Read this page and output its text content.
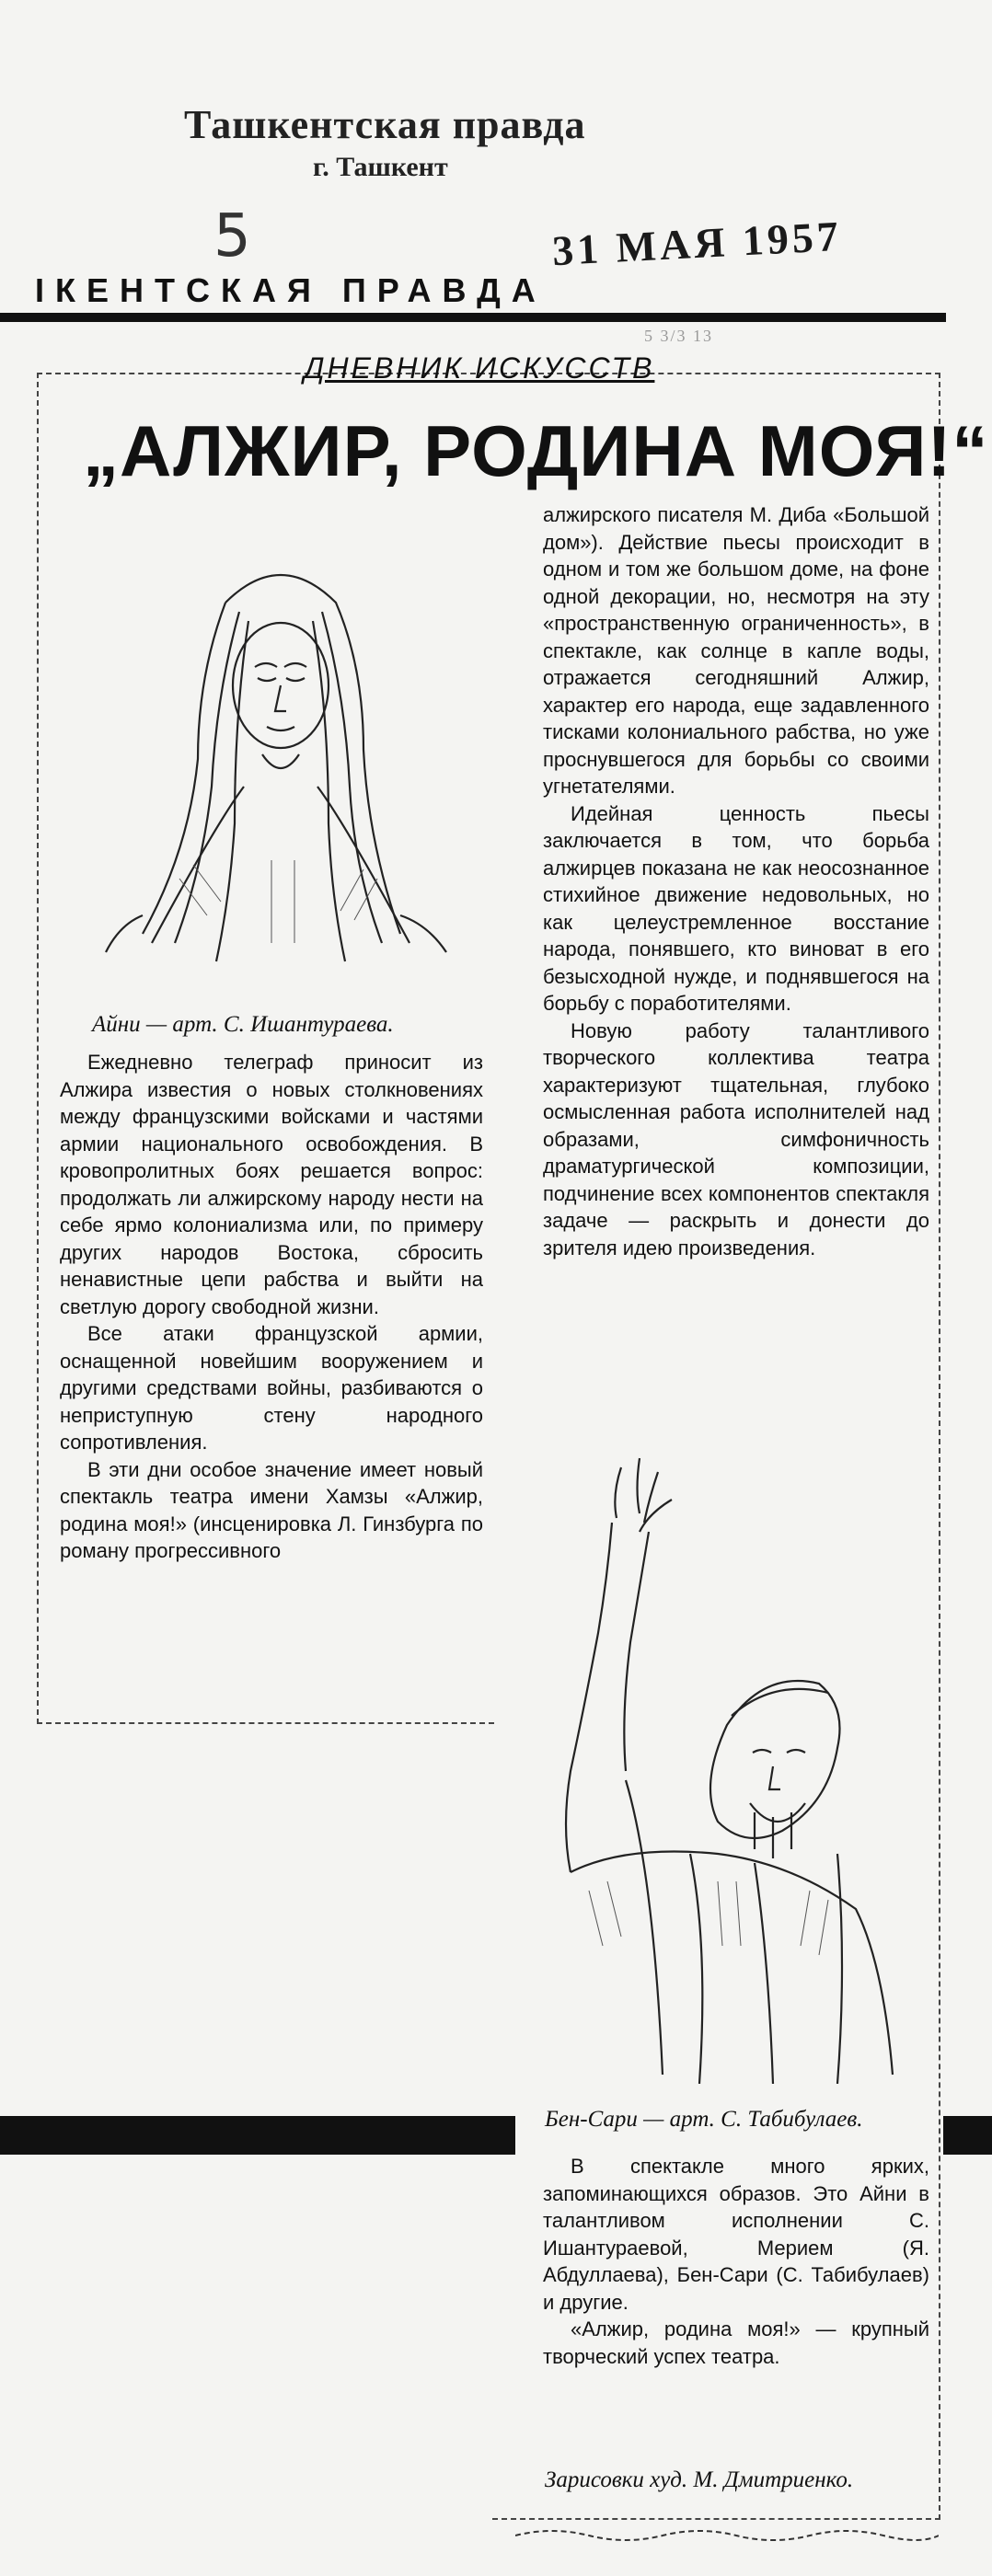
Ташкентская правда
г. Ташкент
5	31 МАЯ 1957
ІКЕНТСКАЯ ПРАВДА
5 3/3 13
ДНЕВНИК ИСКУССТВ
„АЛЖИР, РОДИНА МОЯ!“
Айни — арт. С. Ишантураева.

Ежедневно телеграф приносит из Алжира известия о новых столкновениях между французскими войсками и частями армии национального освобождения. В кровопролитных боях решается вопрос: продолжать ли алжирскому народу нести на себе ярмо колониализма или, по примеру других народов Востока, сбросить ненавистные цепи рабства и выйти на светлую дорогу свободной жизни.

Все атаки французской армии, оснащенной новейшим вооружением и другими средствами войны, разбиваются о неприступную стену народного сопротивления.

В эти дни особое значение имеет новый спектакль театра имени Хамзы «Алжир, родина моя!» (инсценировка Л. Гинзбурга по роману прогрессивного

алжирского писателя М. Диба «Большой дом»). Действие пьесы происходит в одном и том же большом доме, на фоне одной декорации, но, несмотря на эту «пространственную ограниченность», в спектакле, как солнце в капле воды, отражается сегодняшний Алжир, характер его народа, еще задавленного тисками колониального рабства, но уже проснувшегося для борьбы со своими угнетателями.

Идейная ценность пьесы заключается в том, что борьба алжирцев показана не как неосознанное стихийное движение недовольных, но как целеустремленное восстание народа, понявшего, кто виноват в его безысходной нужде, и поднявшегося на борьбу с поработителями.

Новую работу талантливого творческого коллектива театра характеризуют тщательная, глубоко осмысленная работа исполнителей над образами, симфоничность драматургической композиции, подчинение всех компонентов спектакля задаче — раскрыть и донести до зрителя идею произведения.

Бен-Сари — арт. С. Табибулаев.

В спектакле много ярких, запоминающихся образов. Это Айни в талантливом исполнении С. Ишантураевой, Мерием (Я. Абдуллаева), Бен-Сари (С. Табибулаев) и другие.

«Алжир, родина моя!» — крупный творческий успех театра.

Зарисовки худ. М. Дмитриенко.
